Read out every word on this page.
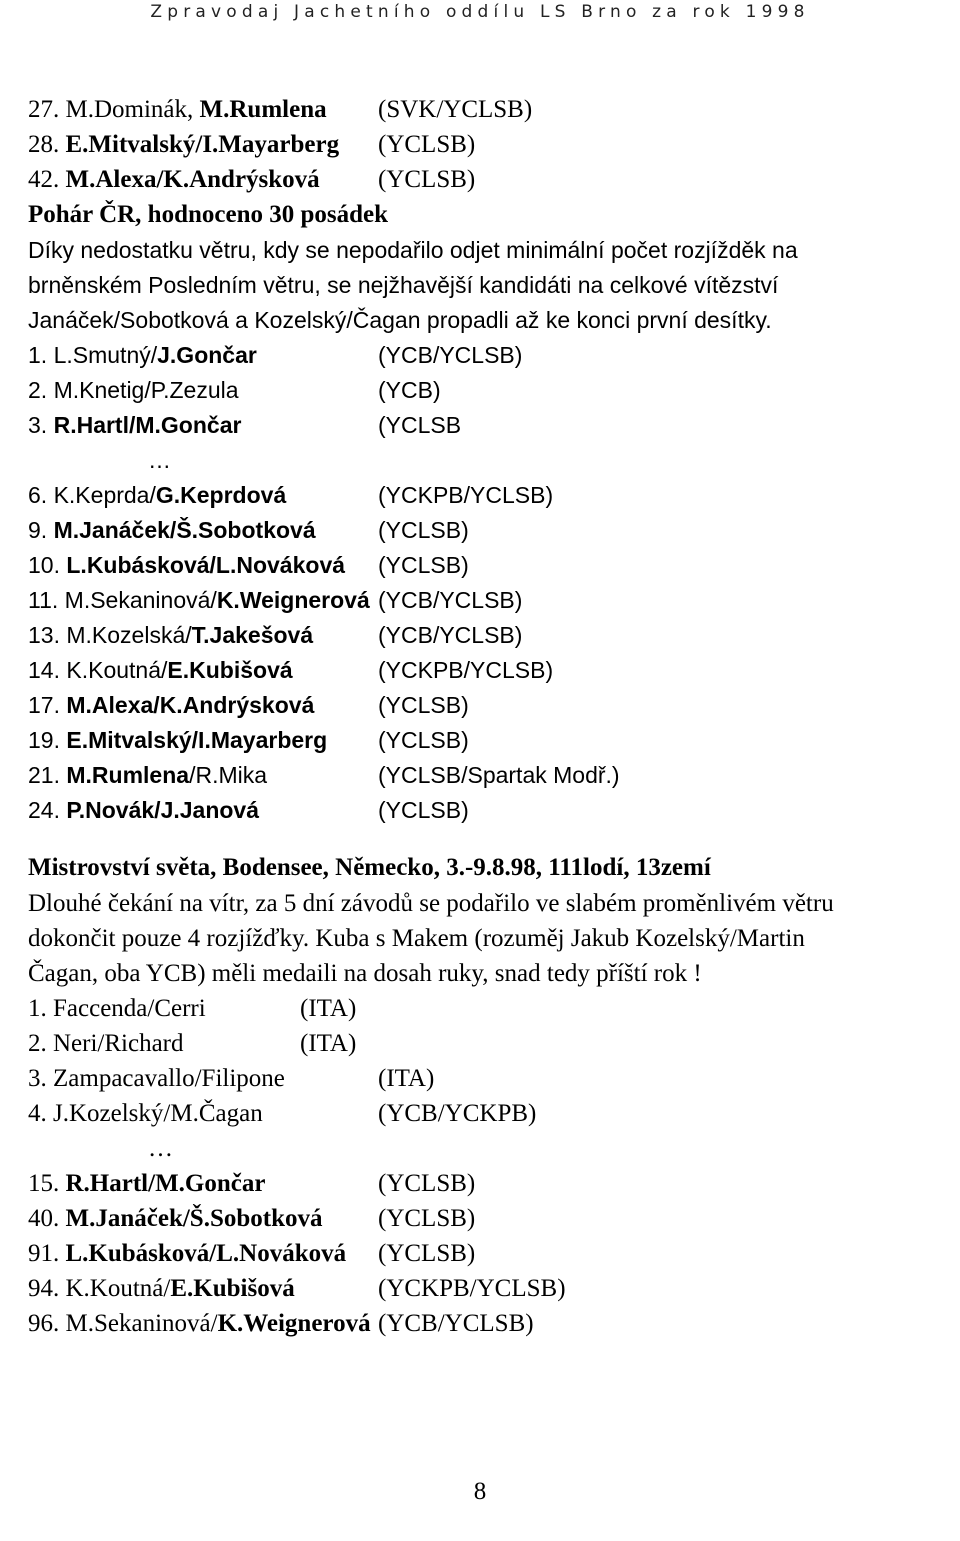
Zpravodaj Jachetního oddílu LS Brno za rok 1998
27. M.Dominák, M.Rumlena (SVK/YCLSB)
28. E.Mitvalský/I.Mayarberg (YCLSB)
42. M.Alexa/K.Andrýsková (YCLSB)
Pohár ČR, hodnoceno 30 posádek
Díky nedostatku větru, kdy se nepodařilo odjet minimální počet rozjížděk na
brněnském Posledním větru, se nejžhavější kandidáti na celkové vítězství
Janáček/Sobotková a Kozelský/Čagan propadli až ke konci první desítky.
1. L.Smutný/J.Gončar	(YCB/YCLSB)
2. M.Knetig/P.Zezula	(YCB)
3. R.Hartl/M.Gončar	(YCLSB
…
6. K.Keprda/G.Keprdová	(YCKPB/YCLSB)
9. M.Janáček/Š.Sobotková	(YCLSB)
10. L.Kubásková/L.Nováková (YCLSB)
11. M.Sekaninová/K.Weignerová (YCB/YCLSB)
13. M.Kozelská/T.Jakešová	(YCB/YCLSB)
14. K.Koutná/E.Kubišová	(YCKPB/YCLSB)
17. M.Alexa/K.Andrýsková	(YCLSB)
19. E.Mitvalský/I.Mayarberg (YCLSB)
21. M.Rumlena/R.Mika	(YCLSB/Spartak Modř.)
24. P.Novák/J.Janová	(YCLSB)
Mistrovství světa, Bodensee, Německo, 3.-9.8.98, 111lodí, 13zemí
Dlouhé čekání na vítr, za 5 dní závodů se podařilo ve slabém proměnlivém větru
dokončit pouze 4 rozjížďky. Kuba s Makem (rozuměj Jakub Kozelský/Martin
Čagan, oba YCB) měli medaili na dosah ruky, snad tedy příští rok !
1. Faccenda/Cerri	(ITA)
2. Neri/Richard	(ITA)
3. Zampacavallo/Filipone	(ITA)
4. J.Kozelský/M.Čagan	(YCB/YCKPB)
…
15. R.Hartl/M.Gončar	(YCLSB)
40. M.Janáček/Š.Sobotková (YCLSB)
91. L.Kubásková/L.Nováková (YCLSB)
94. K.Koutná/E.Kubišová	(YCKPB/YCLSB)
96. M.Sekaninová/K.Weignerová (YCB/YCLSB)
8
